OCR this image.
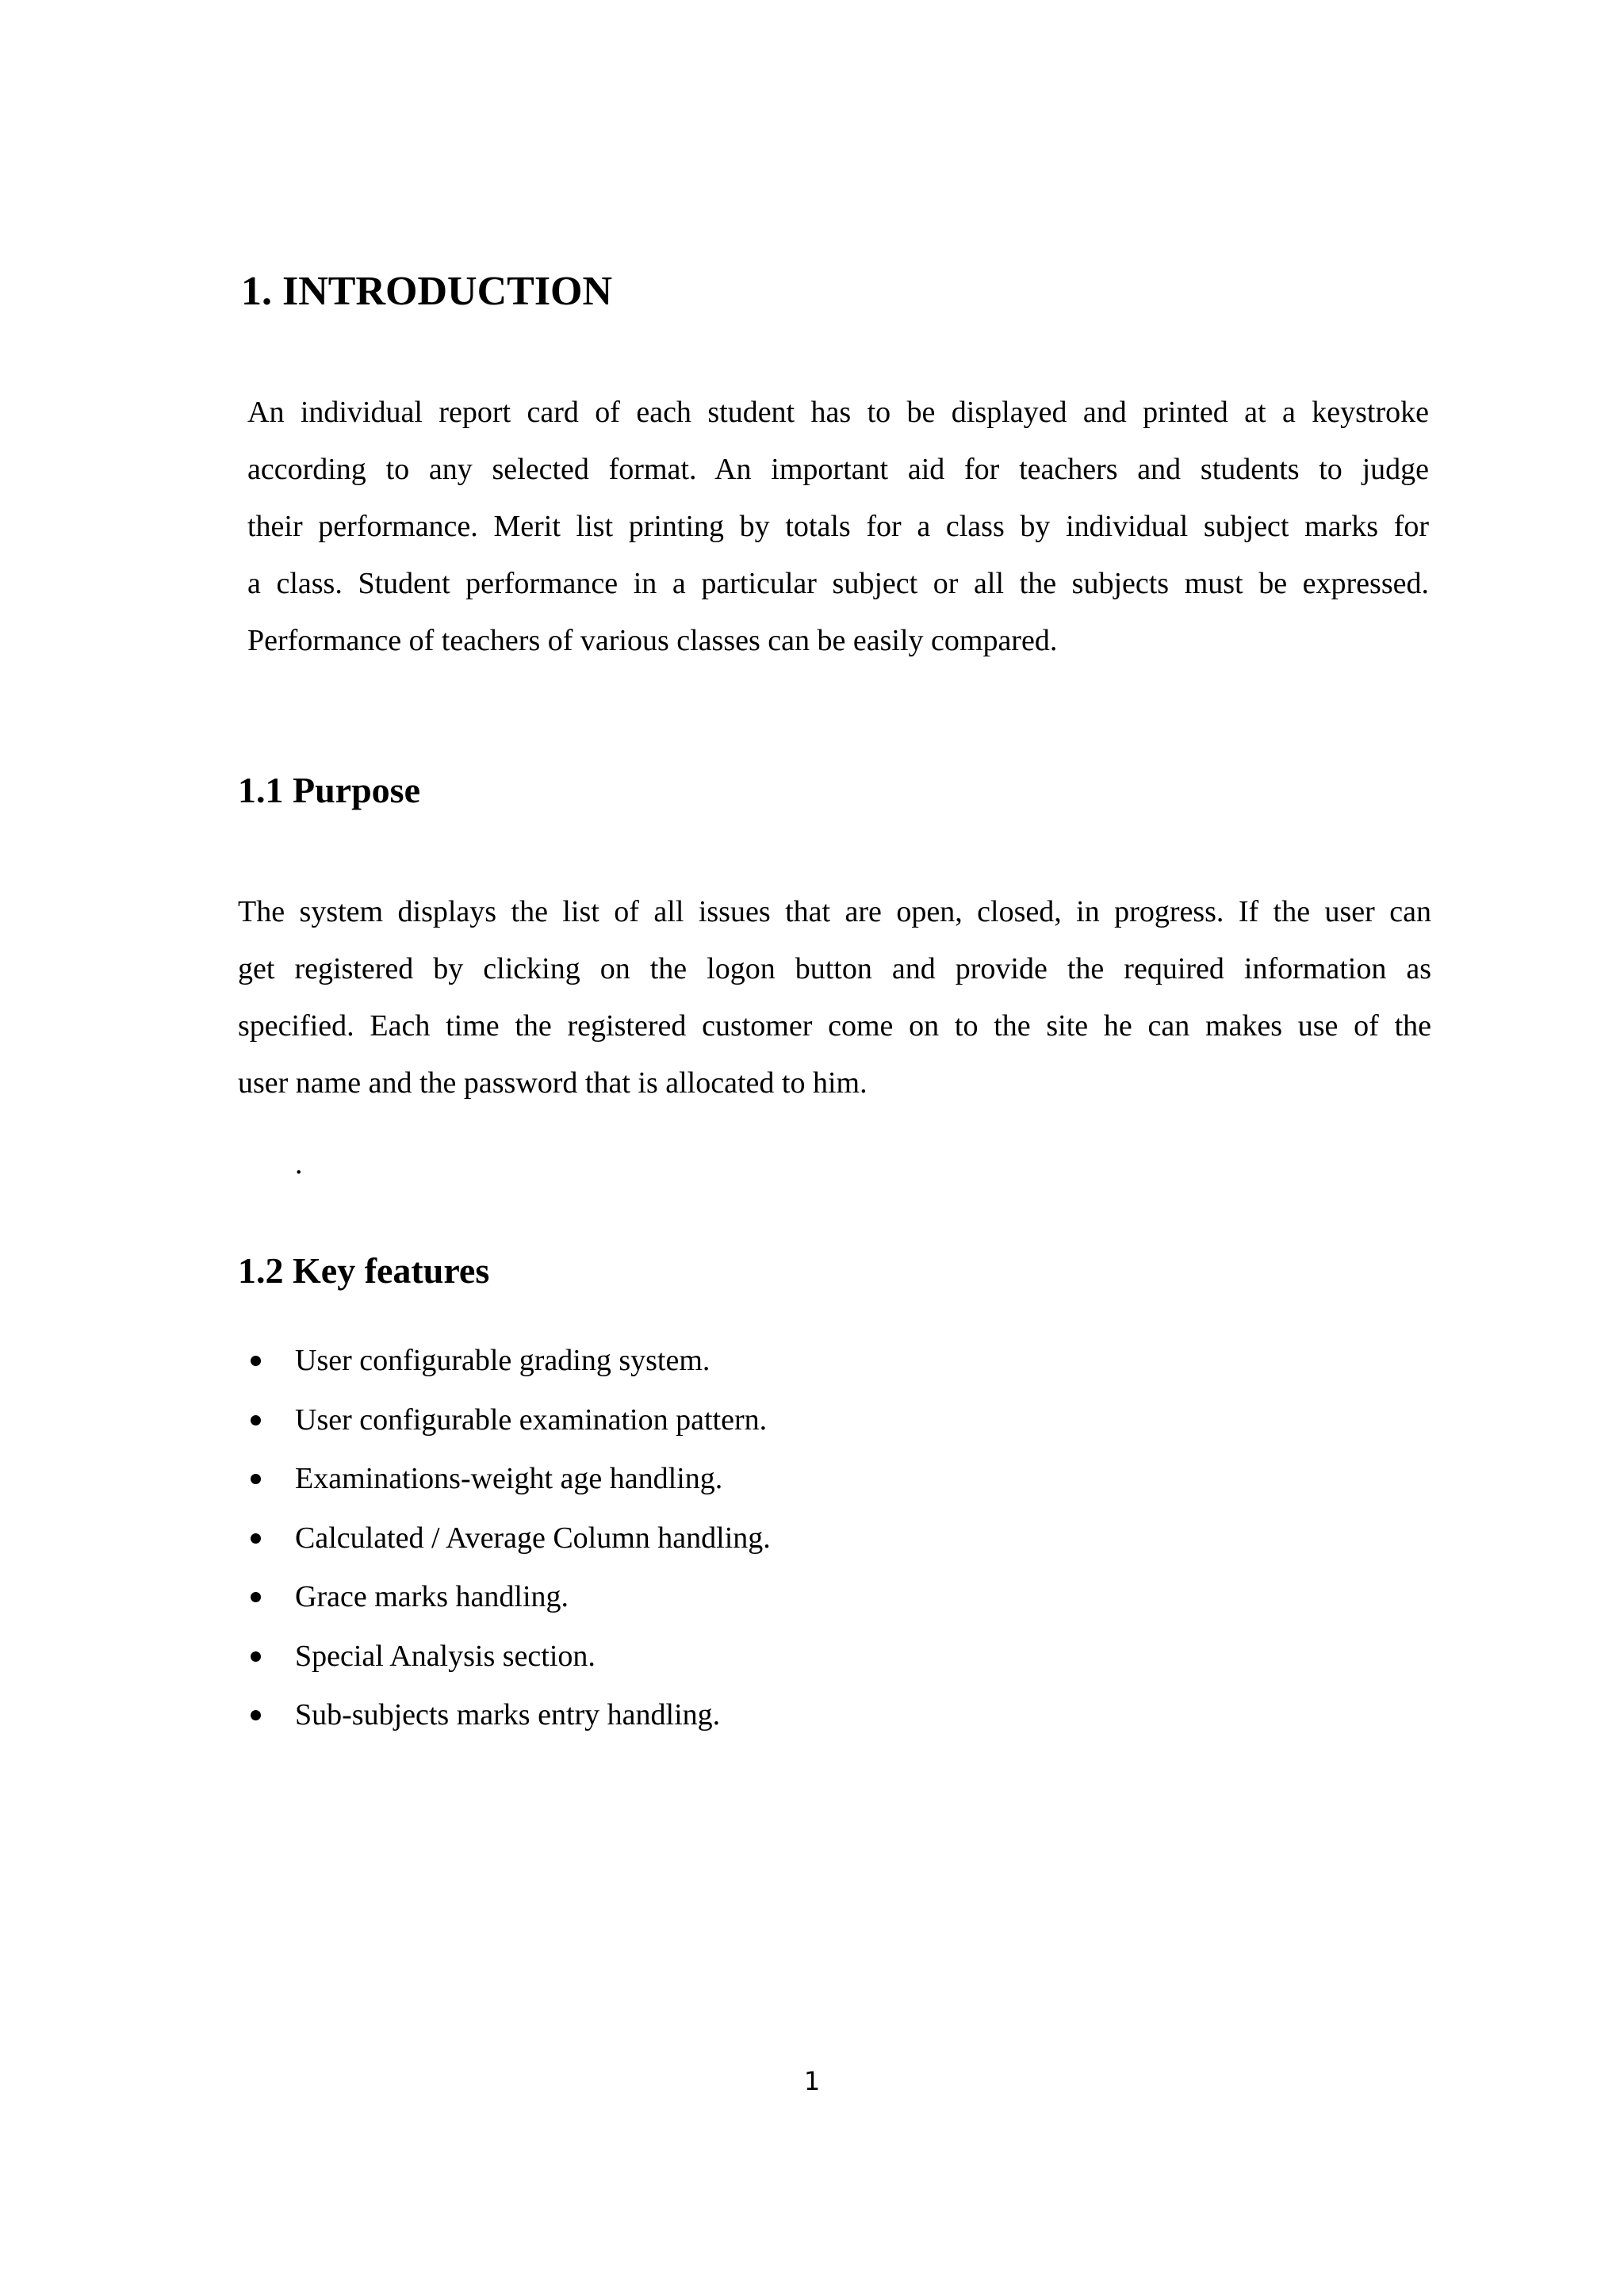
1. INTRODUCTION

An individual report card of each student has to be displayed and printed at a keystroke
according to any selected format. An important aid for teachers and students to judge
their performance. Merit list printing by totals for a class by individual subject marks for
a class. Student performance in a particular subject or all the subjects must be expressed.
Performance of teachers of various classes can be easily compared.

1.1 Purpose

The system displays the list of all issues that are open, closed, in progress. If the user can
get registered by clicking on the logon button and provide the required information as
specified. Each time the registered customer come on to the site he can makes use of the
user name and the password that is allocated to him.

.
1.2 Key features
User configurable grading system.
User configurable examination pattern.
Examinations-weight age handling.
Calculated / Average Column handling.
Grace marks handling.
Special Analysis section.
Sub-subjects marks entry handling.
1
